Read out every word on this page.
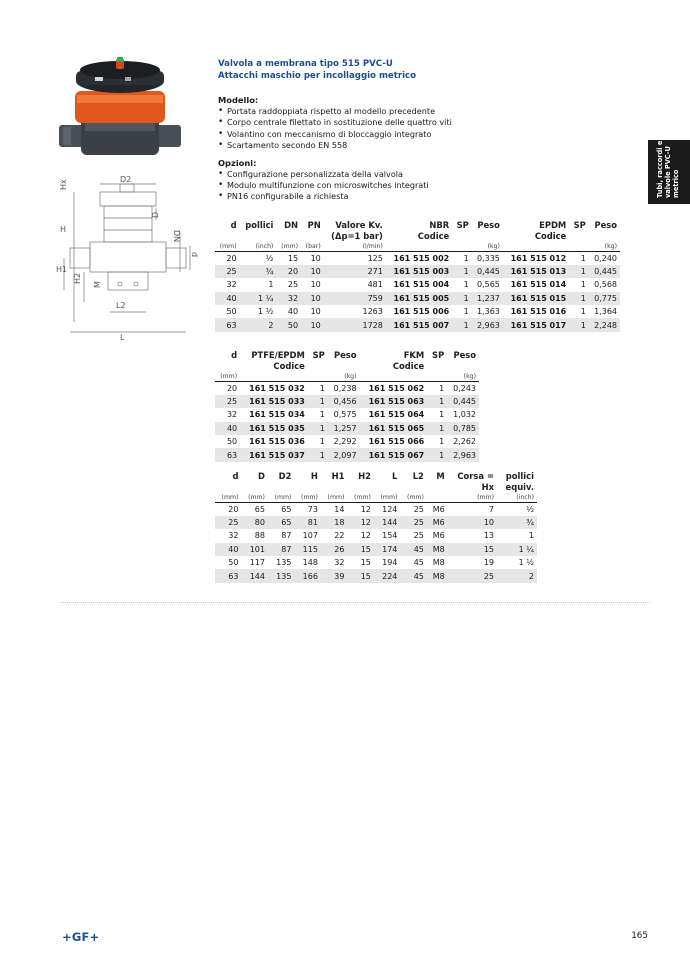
Hx	D2
D
H
DN
d
H1
H2
M
L2
L
Valvola a membrana tipo 515 PVC-U
Attacchi maschio per incollaggio metrico
Modello:
• Portata raddoppiata rispetto al modello precedente
• Corpo centrale filettato in sostituzione delle quattro viti
• Volantino con meccanismo di bloccaggio integrato
• Scartamento secondo EN 558
Opzioni:
• Configurazione personalizzata della valvola
• Modulo multifunzione con microswitches integrati
• PN16 configurabile a richiesta	Tubi, raccordi e valvole PVC-U metrico
d	pollici	DN	PN	Valore Kv.	NBR	SP	Peso	EPDM	SP	Peso
				(Δp=1 bar)	Codice			Codice		
(mm)	(inch)	(mm)	(bar)	(l/min)			(kg)			(kg)
20	½	15	10	125	161 515 002	1	0,335	161 515 012	1	0,240
25	¾	20	10	271	161 515 003	1	0,445	161 515 013	1	0,445
32	1	25	10	481	161 515 004	1	0,565	161 515 014	1	0,568
40	1 ¼	32	10	759	161 515 005	1	1,237	161 515 015	1	0,775
50	1 ½	40	10	1263	161 515 006	1	1,363	161 515 016	1	1,364
63	2	50	10	1728	161 515 007	1	2,963	161 515 017	1	2,248
d	PTFE/EPDM	SP	Peso	FKM	SP	Peso
	Codice			Codice		
(mm)			(kg)			(kg)
20	161 515 032	1	0,238	161 515 062	1	0,243
25	161 515 033	1	0,456	161 515 063	1	0,445
32	161 515 034	1	0,575	161 515 064	1	1,032
40	161 515 035	1	1,257	161 515 065	1	0,785
50	161 515 036	1	2,292	161 515 066	1	2,262
63	161 515 037	1	2,097	161 515 067	1	2,963
d	D	D2	H	H1	H2	L	L2	M	Corsa =	pollici
									Hx	equiv.
(mm)	(mm)	(mm)	(mm)	(mm)	(mm)	(mm)	(mm)		(mm)	(inch)
20	65	65	73	14	12	124	25	M6	7	½
25	80	65	81	18	12	144	25	M6	10	¾
32	88	87	107	22	12	154	25	M6	13	1
40	101	87	115	26	15	174	45	M8	15	1 ¼
50	117	135	148	32	15	194	45	M8	19	1 ½
63	144	135	166	39	15	224	45	M8	25	2
+GF+	165
